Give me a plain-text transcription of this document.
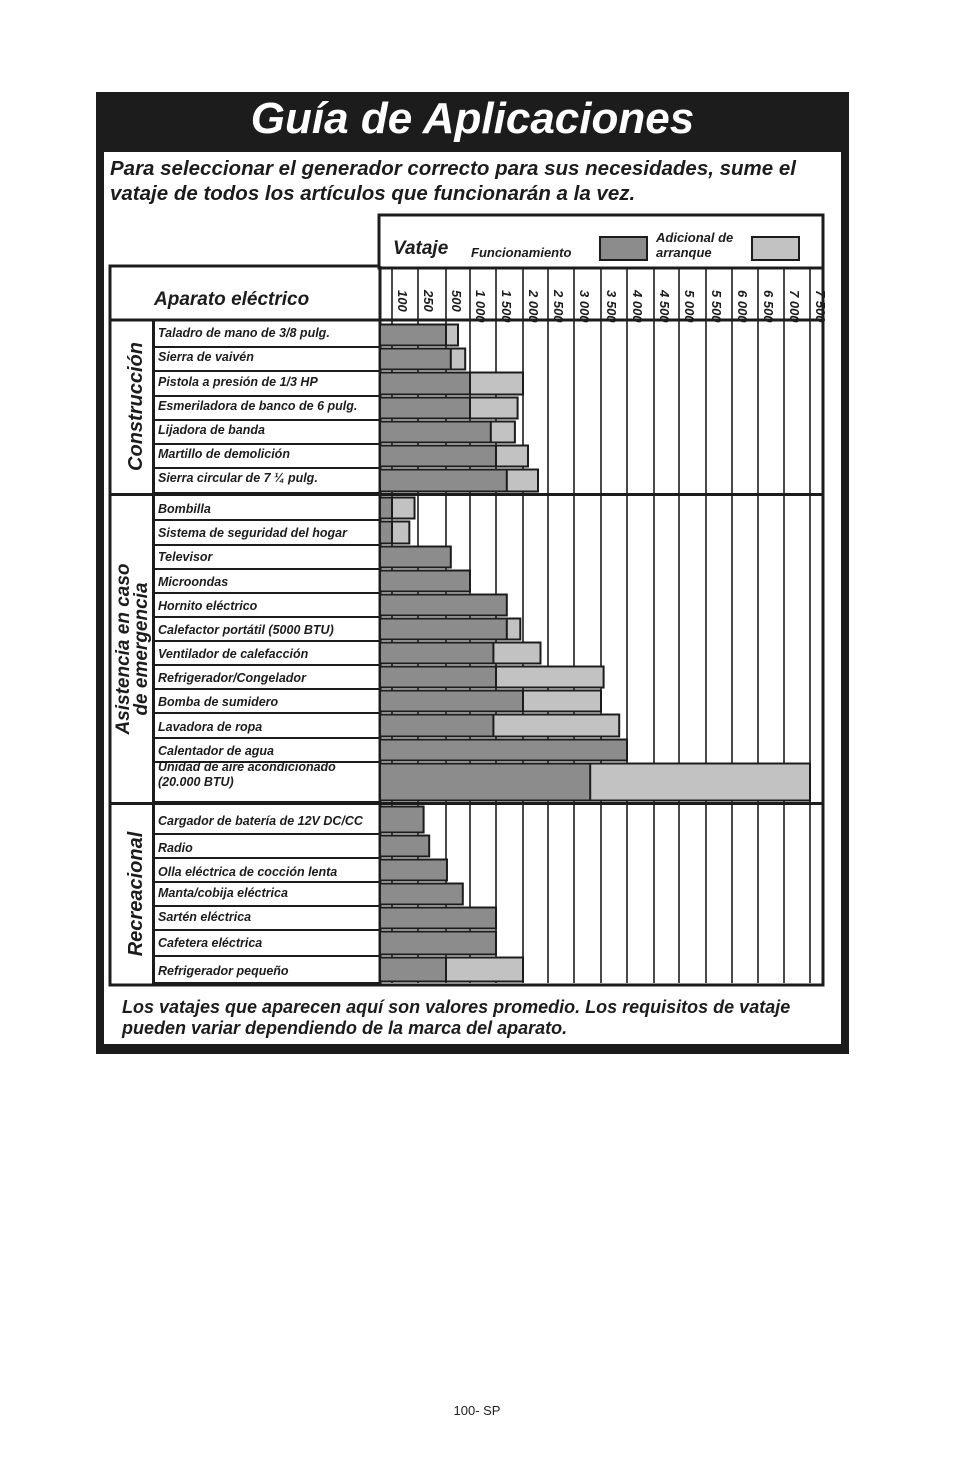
Guía de Aplicaciones
Para seleccionar el generador correcto para sus necesidades, sume el vataje de todos los artículos que funcionarán a la vez.
Aparato eléctrico
Vataje Funcionamiento
Adicional de arranque
100 250 500 1 000 1 500 2 000 2 500 3 000 3 500 4 000 4 500 5 000 5 500 6 000 6 500 7 000 7 500
Construcción
Taladro de mano de 3/8 pulg.
Sierra de vaivén
Pistola a presión de 1/3 HP
Esmeriladora de banco de 6 pulg.
Lijadora de banda
Martillo de demolición
Sierra circular de 7 ¼ pulg.
Asistencia en caso
de emergencia
Bombilla
Sistema de seguridad del hogar
Televisor
Microondas
Hornito eléctrico
Calefactor portátil (5000 BTU)
Ventilador de calefacción
Refrigerador/Congelador
Bomba de sumidero
Lavadora de ropa
Calentador de agua
Unidad de aire acondicionado (20.000 BTU)
Recreacional
Cargador de batería de 12V DC/CC
Radio
Olla eléctrica de cocción lenta
Manta/cobija eléctrica
Sartén eléctrica
Cafetera eléctrica
Refrigerador pequeño
Los vatajes que aparecen aquí son valores promedio. Los requisitos de vataje pueden variar dependiendo de la marca del aparato.
100- SP
